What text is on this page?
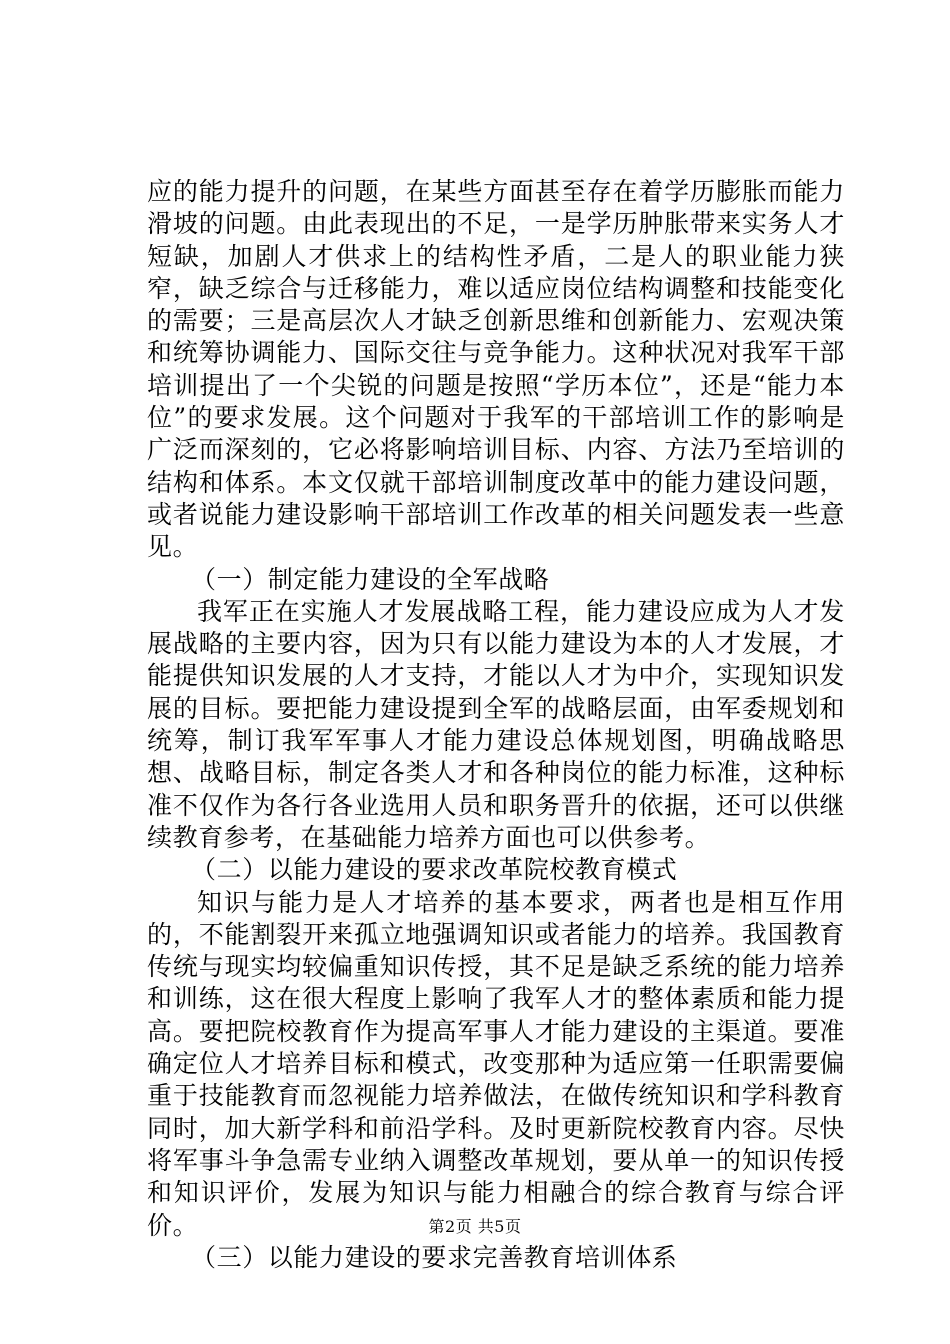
应的能力提升的问题，在某些方面甚至存在着学历膨胀而能力滑坡的问题。由此表现出的不足，一是学历肿胀带来实务人才短缺，加剧人才供求上的结构性矛盾，二是人的职业能力狭窄，缺乏综合与迁移能力，难以适应岗位结构调整和技能变化的需要；三是高层次人才缺乏创新思维和创新能力、宏观决策和统筹协调能力、国际交往与竞争能力。这种状况对我军干部培训提出了一个尖锐的问题是按照“学历本位”，还是“能力本位”的要求发展。这个问题对于我军的干部培训工作的影响是广泛而深刻的，它必将影响培训目标、内容、方法乃至培训的结构和体系。本文仅就干部培训制度改革中的能力建设问题，或者说能力建设影响干部培训工作改革的相关问题发表一些意见。

（一）制定能力建设的全军战略

我军正在实施人才发展战略工程，能力建设应成为人才发展战略的主要内容，因为只有以能力建设为本的人才发展，才能提供知识发展的人才支持，才能以人才为中介，实现知识发展的目标。要把能力建设提到全军的战略层面，由军委规划和统筹，制订我军军事人才能力建设总体规划图，明确战略思想、战略目标，制定各类人才和各种岗位的能力标准，这种标准不仅作为各行各业选用人员和职务晋升的依据，还可以供继续教育参考，在基础能力培养方面也可以供参考。

（二）以能力建设的要求改革院校教育模式

知识与能力是人才培养的基本要求，两者也是相互作用的，不能割裂开来孤立地强调知识或者能力的培养。我国教育传统与现实均较偏重知识传授，其不足是缺乏系统的能力培养和训练，这在很大程度上影响了我军人才的整体素质和能力提高。要把院校教育作为提高军事人才能力建设的主渠道。要准确定位人才培养目标和模式，改变那种为适应第一任职需要偏重于技能教育而忽视能力培养做法，在做传统知识和学科教育同时，加大新学科和前沿学科。及时更新院校教育内容。尽快将军事斗争急需专业纳入调整改革规划，要从单一的知识传授和知识评价，发展为知识与能力相融合的综合教育与综合评价。

（三）以能力建设的要求完善教育培训体系

第2页 共5页
